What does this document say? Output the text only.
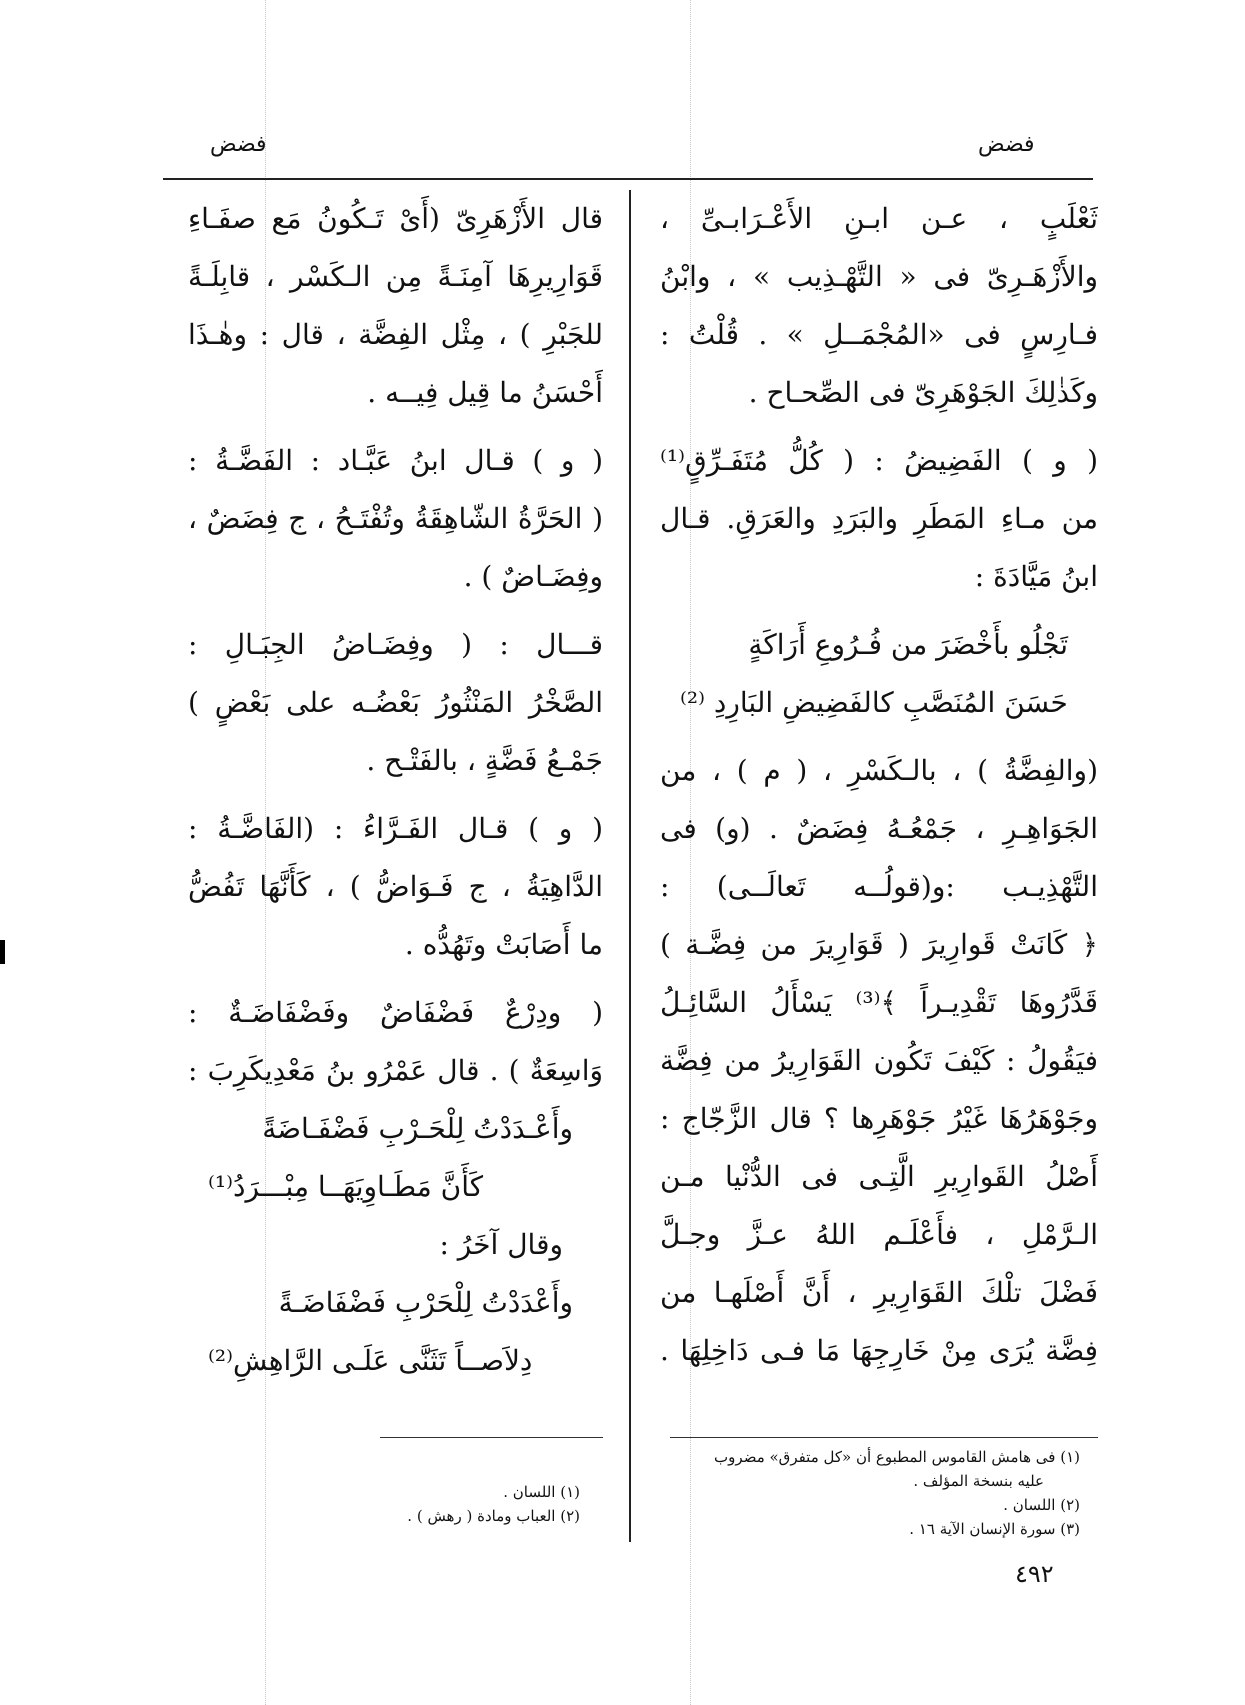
فضض	فضض
ثَعْلَبٍ ، عـن ابـنِ الأَعْـرَابـىِّ ،
والأَزْهَـرِىّ فى « التَّهْـذِيب » ، وابْنُ
فـارِسٍ فى «المُجْمَــلِ » . قُلْتُ :
وكَذٰلِكَ الجَوْهَرِىّ فى الصِّحـاح .
( و ) الفَضِيضُ : ( كُلُّ مُتَفَـرِّقٍ⁽¹⁾
من مـاءِ المَطَرِ والبَرَدِ والعَرَقِ. قـال
ابنُ مَيَّادَةَ :
تَجْلُو بأَخْضَرَ من فُـرُوعِ أَرَاكَةٍ
حَسَنَ المُنَصَّبِ كالفَضِيضِ البَارِدِ ⁽²⁾
(والفِضَّةُ ) ، بالـكَسْرِ ، ( م ) ، من
الجَوَاهِـرِ ، جَمْعُـهُ فِضَضٌ . (و) فى
التَّهْذِيـب :و(قولُــه تَعالَــى) :
﴿ كَانَتْ قَوارِيرَ ( قَوَارِيرَ من فِضَّـة )
قَدَّرُوهَا تَقْدِيـراً ﴾⁽³⁾ يَسْأَلُ السَّائِـلُ
فيَقُولُ : كَيْفَ تَكُون القَوَارِيرُ من فِضَّة
وجَوْهَرُهَا غَيْرُ جَوْهَرِها ؟ قال الزَّجّاج :
أَصْلُ القَوارِيرِ الَّتِـى فى الدُّنْيا مـن
الـرَّمْلِ ، فأَعْلَـم اللهُ عـزَّ وجـلَّ
فَضْلَ تلْكَ القَوَارِيرِ ، أَنَّ أَصْلَهـا من
فِضَّة يُرَى مِنْ خَارِجِهَا مَا فـى دَاخِلِهَا .
قال الأَزْهَرِىّ (أَىْ تَـكُونُ مَع صفَـاءِ
قَوَارِيرِهَا آمِنَـةً مِن الـكَسْر ، قابِلَـةً
للجَبْرِ ) ، مِثْل الفِضَّة ، قال : وهٰـذَا
أَحْسَنُ ما قِيل فِيــه .
( و ) قـال ابنُ عَبَّـاد : الفَضَّـةُ :
( الحَرَّةُ الشّاهِقَةُ وتُفْتَـحُ ، ج فِضَضٌ ،
وفِضَـاضٌ ) .
قـــال : ( وفِضَـاضُ الجِبَـالِ :
الصَّخْرُ المَنْثُورُ بَعْضُـه على بَعْضٍ )
جَمْـعُ فَضَّةٍ ، بالفَتْـح .
( و ) قـال الفَـرَّاءُ : (الفَاضَّـةُ :
الدَّاهِيَةُ ، ج فَـوَاضُّ ) ، كَأَنَّهَا تَفُضُّ
ما أَصَابَتْ وتَهُدُّه .
( ودِرْعٌ فَضْفَاضٌ وفَضْفَاضَـةٌ :
وَاسِعَةٌ ) . قال عَمْرُو بنُ مَعْدِيكَرِبَ :
وأَعْـدَدْتُ لِلْحَـرْبِ فَضْفَـاضَةً
كَأَنَّ مَطَـاوِيَهَــا مِبْـــرَدُ⁽¹⁾
وقال آخَرُ :
وأَعْدَدْتُ لِلْحَرْبِ فَضْفَاضَـةً
دِلاَصــاً تَثَنَّى عَلَـى الرَّاهِشِ⁽²⁾
(١) فى هامش القاموس المطبوع أن «كل متفرق» مضروب
عليه بنسخة المؤلف .
(٢) اللسان .
(٣) سورة الإنسان الآية ١٦ .
(١) اللسان .
(٢) العباب ومادة ( رهش ) .
٤٩٢
